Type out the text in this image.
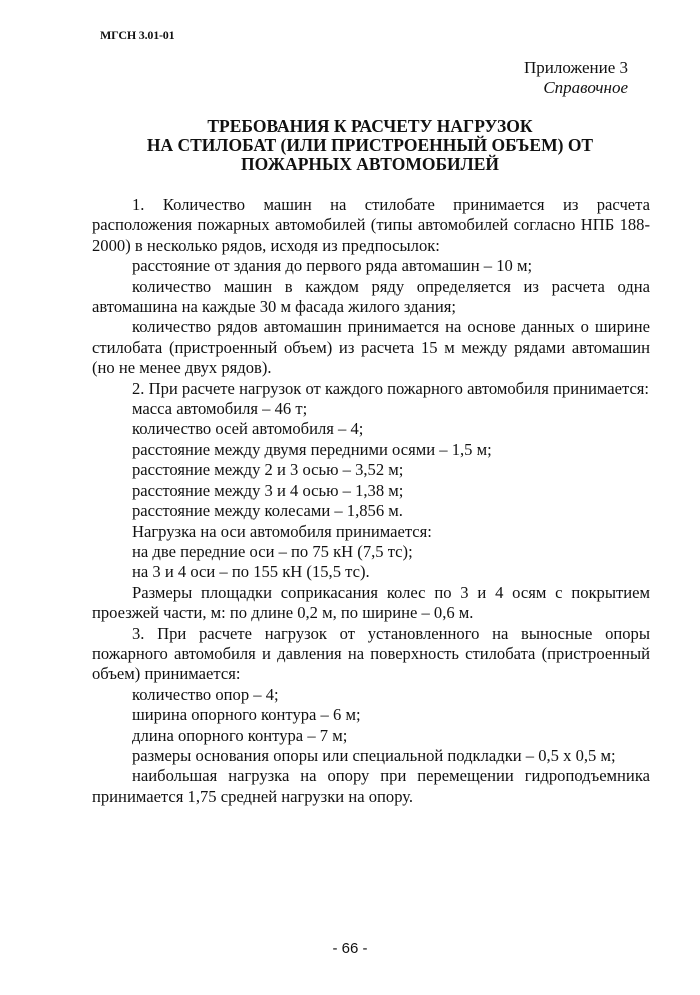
МГСН 3.01-01
Приложение 3
Справочное
ТРЕБОВАНИЯ К РАСЧЕТУ НАГРУЗОК
НА СТИЛОБАТ (ИЛИ ПРИСТРОЕННЫЙ ОБЪЕМ) ОТ
ПОЖАРНЫХ АВТОМОБИЛЕЙ

1. Количество машин на стилобате принимается из расчета расположения пожарных автомобилей (типы автомобилей согласно НПБ 188-2000) в несколько рядов, исходя из предпосылок:

расстояние от здания до первого ряда автомашин – 10 м;

количество машин в каждом ряду определяется из расчета одна автомашина на каждые 30 м фасада жилого здания;

количество рядов автомашин принимается на основе данных о ширине стилобата (пристроенный объем) из расчета 15 м между рядами автомашин (но не менее двух рядов).

2. При расчете нагрузок от каждого пожарного автомобиля принимается:

масса автомобиля – 46 т;

количество осей автомобиля – 4;

расстояние между двумя передними осями – 1,5 м;

расстояние между 2 и 3 осью – 3,52 м;

расстояние между 3 и 4 осью – 1,38 м;

расстояние между колесами – 1,856 м.

Нагрузка на оси автомобиля принимается:

на две передние оси – по 75 кН (7,5 тс);

на 3 и 4 оси – по 155 кН (15,5 тс).

Размеры площадки соприкасания колес по 3 и 4 осям с покрытием проезжей части, м: по длине 0,2 м, по ширине – 0,6 м.

3. При расчете нагрузок от установленного на выносные опоры пожарного автомобиля и давления на поверхность стилобата (пристроенный объем) принимается:

количество опор – 4;

ширина опорного контура – 6 м;

длина опорного контура – 7 м;

размеры основания опоры или специальной подкладки – 0,5 х 0,5 м;

наибольшая нагрузка на опору при перемещении гидроподъемника принимается 1,75 средней нагрузки на опору.

- 66 -
